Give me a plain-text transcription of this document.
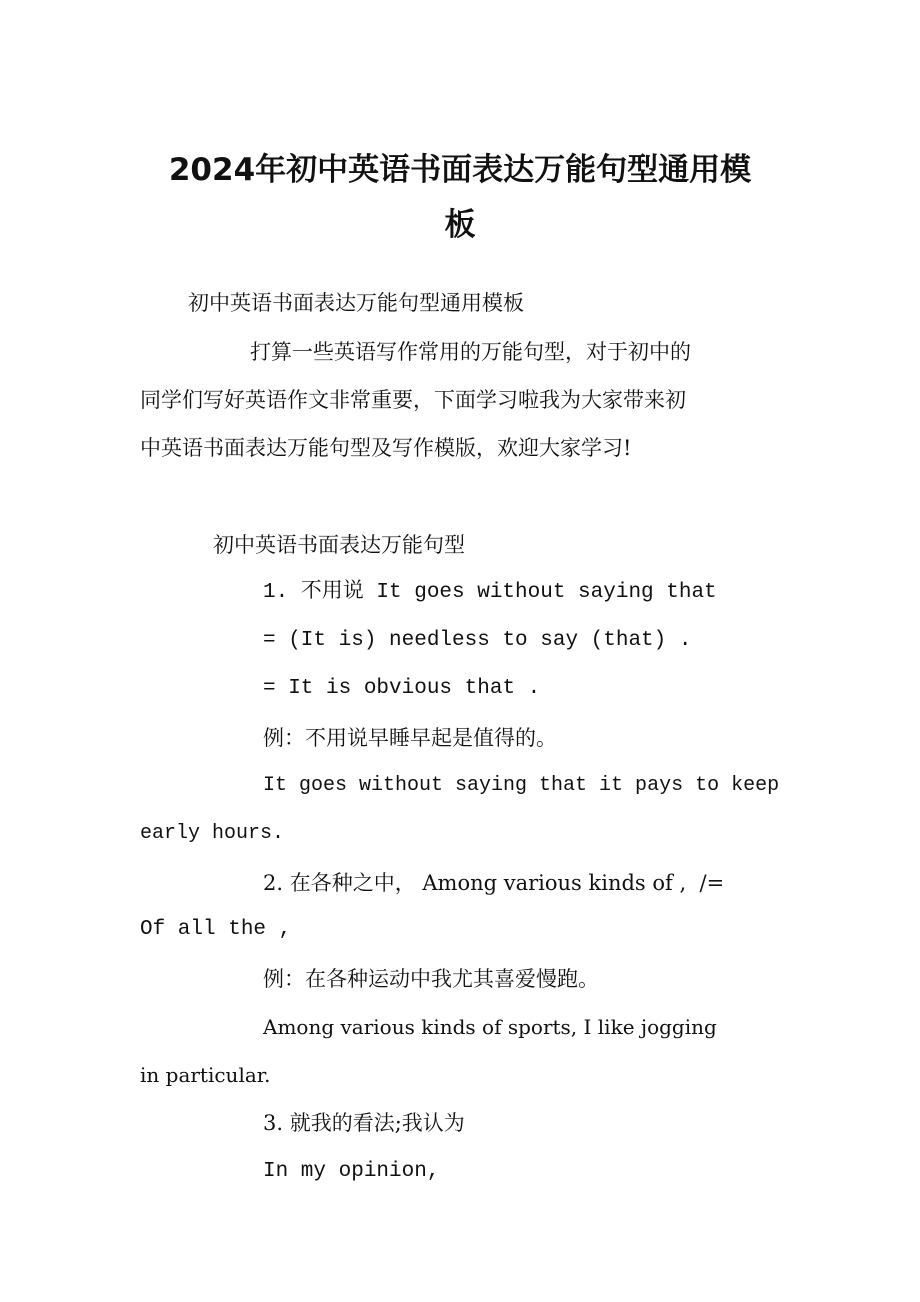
2024年初中英语书面表达万能句型通用模
板
初中英语书面表达万能句型通用模板
打算一些英语写作常用的万能句型，对于初中的
同学们写好英语作文非常重要，下面学习啦我为大家带来初
中英语书面表达万能句型及写作模版，欢迎大家学习!
初中英语书面表达万能句型
1. 不用说 It goes without saying that
= (It is) needless to say (that) .
= It is obvious that .
例：不用说早睡早起是值得的。
It goes without saying that it pays to keep
early hours.
2. 在各种之中， Among various kinds of ,  /=
Of all the ,
例：在各种运动中我尤其喜爱慢跑。
Among various kinds of sports, I like jogging
in particular.
3. 就我的看法;我认为
In my opinion,
